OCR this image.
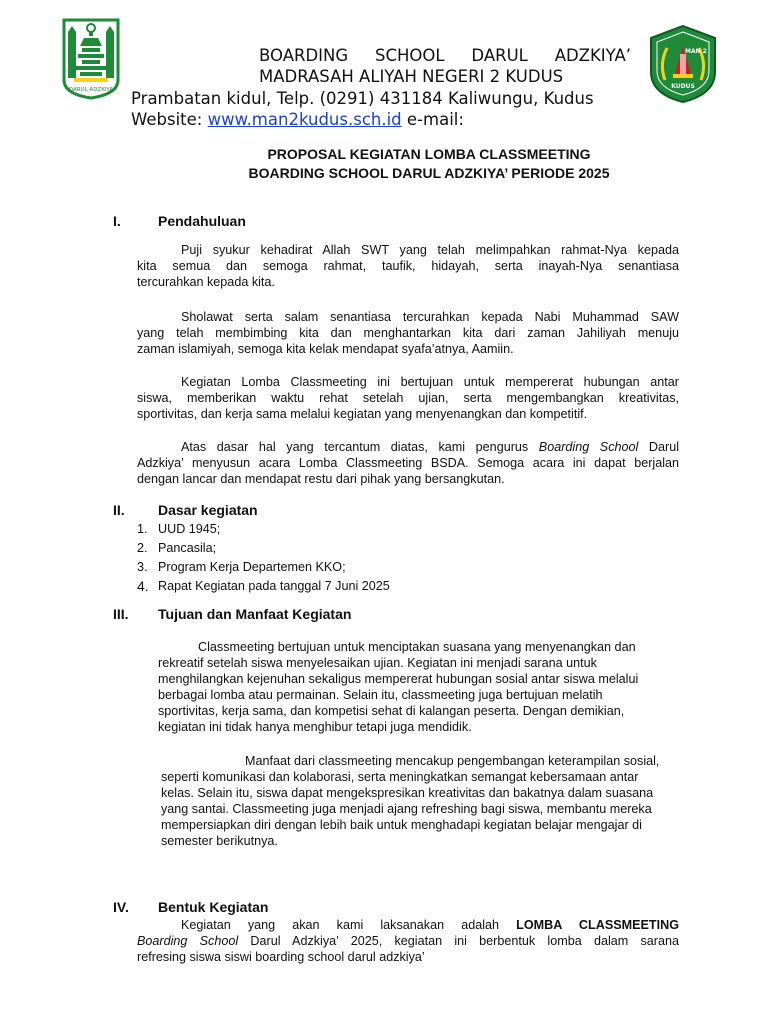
DARUL ADZKIYA
MAN 2
KUDUS
BOARDING SCHOOL DARUL ADZKIYA’
MADRASAH ALIYAH NEGERI 2 KUDUS
Prambatan kidul, Telp. (0291) 431184 Kaliwungu, Kudus
Website: www.man2kudus.sch.id e-mail:
PROPOSAL KEGIATAN LOMBA CLASSMEETING
BOARDING SCHOOL DARUL ADZKIYA’ PERIODE 2025
I.	Pendahuluan
Puji syukur kehadirat Allah SWT yang telah melimpahkan rahmat-Nya kepada
kita semua dan semoga rahmat, taufik, hidayah, serta inayah-Nya senantiasa
tercurahkan kepada kita.
Sholawat serta salam senantiasa tercurahkan kepada Nabi Muhammad SAW
yang telah membimbing kita dan menghantarkan kita dari zaman Jahiliyah menuju
zaman islamiyah, semoga kita kelak mendapat syafa’atnya, Aamiin.
Kegiatan Lomba Classmeeting ini bertujuan untuk mempererat hubungan antar
siswa, memberikan waktu rehat setelah ujian, serta mengembangkan kreativitas,
sportivitas, dan kerja sama melalui kegiatan yang menyenangkan dan kompetitif.
Atas dasar hal yang tercantum diatas, kami pengurus Boarding School Darul
Adzkiya’ menyusun acara Lomba Classmeeting BSDA. Semoga acara ini dapat berjalan
dengan lancar dan mendapat restu dari pihak yang bersangkutan.
II. Dasar kegiatan
1. UUD 1945;
2. Pancasila;
3. Program Kerja Departemen KKO;
4. Rapat Kegiatan pada tanggal 7 Juni 2025
III. Tujuan dan Manfaat Kegiatan
Classmeeting bertujuan untuk menciptakan suasana yang menyenangkan dan
rekreatif setelah siswa menyelesaikan ujian. Kegiatan ini menjadi sarana untuk
menghilangkan kejenuhan sekaligus mempererat hubungan sosial antar siswa melalui
berbagai lomba atau permainan. Selain itu, classmeeting juga bertujuan melatih
sportivitas, kerja sama, dan kompetisi sehat di kalangan peserta. Dengan demikian,
kegiatan ini tidak hanya menghibur tetapi juga mendidik.
Manfaat dari classmeeting mencakup pengembangan keterampilan sosial,
seperti komunikasi dan kolaborasi, serta meningkatkan semangat kebersamaan antar
kelas. Selain itu, siswa dapat mengekspresikan kreativitas dan bakatnya dalam suasana
yang santai. Classmeeting juga menjadi ajang refreshing bagi siswa, membantu mereka
mempersiapkan diri dengan lebih baik untuk menghadapi kegiatan belajar mengajar di
semester berikutnya.
IV. Bentuk Kegiatan
Kegiatan yang akan kami laksanakan adalah LOMBA CLASSMEETING
Boarding School Darul Adzkiya’ 2025, kegiatan ini berbentuk lomba dalam sarana
refresing siswa siswi boarding school darul adzkiya’
